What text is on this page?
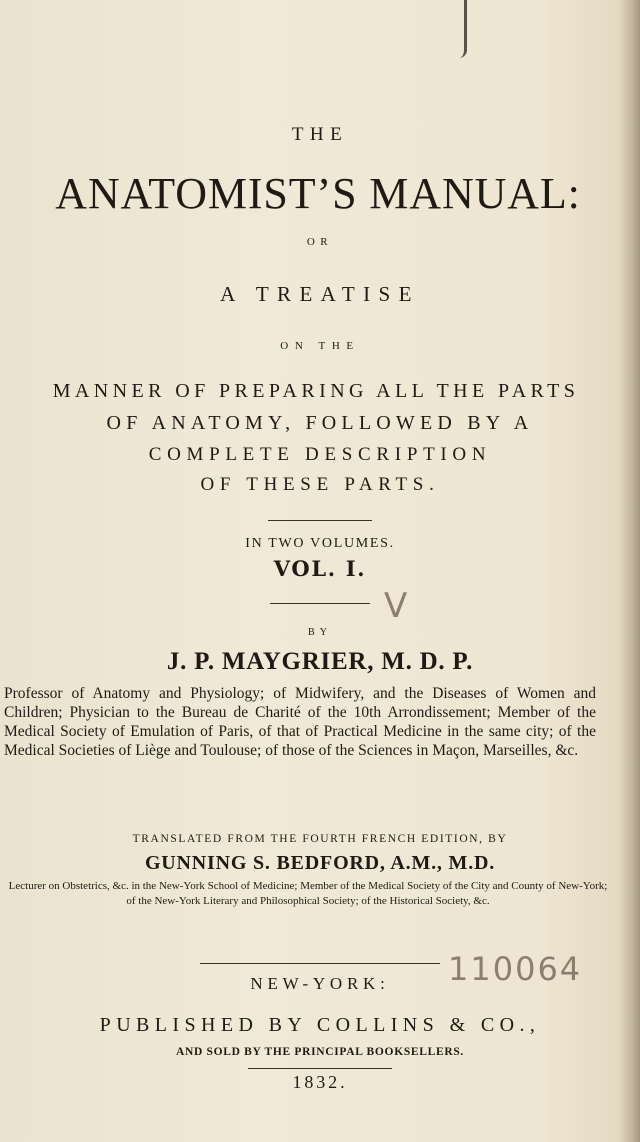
THE
ANATOMIST’S MANUAL:
OR
A TREATISE
ON THE
MANNER OF PREPARING ALL THE PARTS
OF ANATOMY, FOLLOWED BY A
COMPLETE DESCRIPTION
OF THESE PARTS.
IN TWO VOLUMES.
VOL. I.
V
BY
J. P. MAYGRIER, M. D. P.
Professor of Anatomy and Physiology; of Midwifery, and the Diseases of Women and Children; Physician to the Bureau de Charité of the 10th Arrondissement; Member of the Medical Society of Emulation of Paris, of that of Practical Medicine in the same city; of the Medical Societies of Liège and Toulouse; of those of the Sciences in Maçon, Marseilles, &c.
TRANSLATED FROM THE FOURTH FRENCH EDITION, BY
GUNNING S. BEDFORD, A.M., M.D.
Lecturer on Obstetrics, &c. in the New-York School of Medicine; Member of the Medical Society of the City and County of New-York; of the New-York Literary and Philosophical Society; of the Historical Society, &c.
NEW-YORK:	110064
PUBLISHED BY COLLINS & CO.,
AND SOLD BY THE PRINCIPAL BOOKSELLERS.
1832.
